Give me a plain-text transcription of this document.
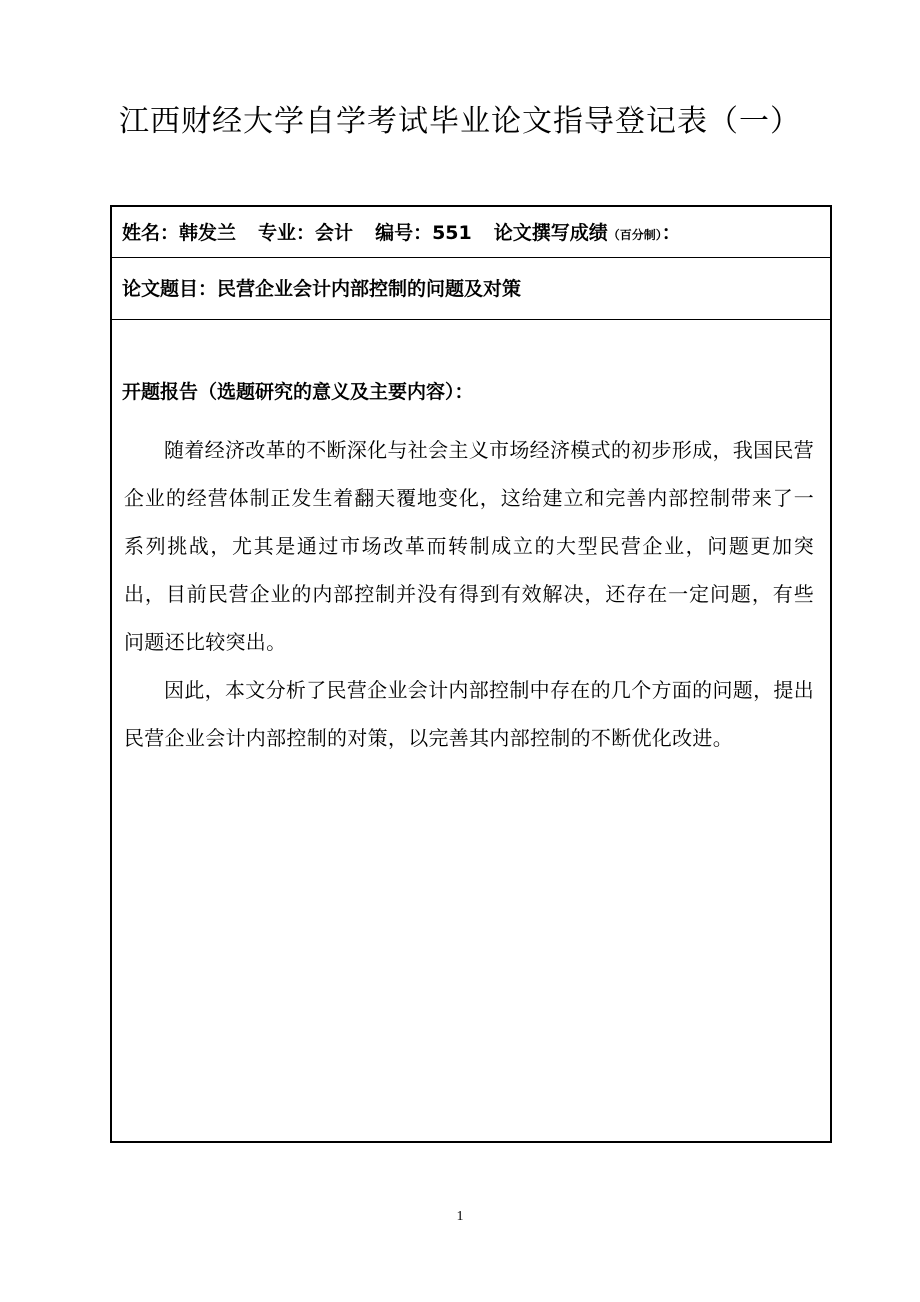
江西财经大学自学考试毕业论文指导登记表（一）
姓名：韩发兰 专业：会计 编号：551 论文撰写成绩（百分制）：
论文题目：民营企业会计内部控制的问题及对策
开题报告（选题研究的意义及主要内容）：

随着经济改革的不断深化与社会主义市场经济模式的初步形成，我国民营企业的经营体制正发生着翻天覆地变化，这给建立和完善内部控制带来了一系列挑战，尤其是通过市场改革而转制成立的大型民营企业，问题更加突出，目前民营企业的内部控制并没有得到有效解决，还存在一定问题，有些问题还比较突出。

因此，本文分析了民营企业会计内部控制中存在的几个方面的问题，提出民营企业会计内部控制的对策，以完善其内部控制的不断优化改进。

1
